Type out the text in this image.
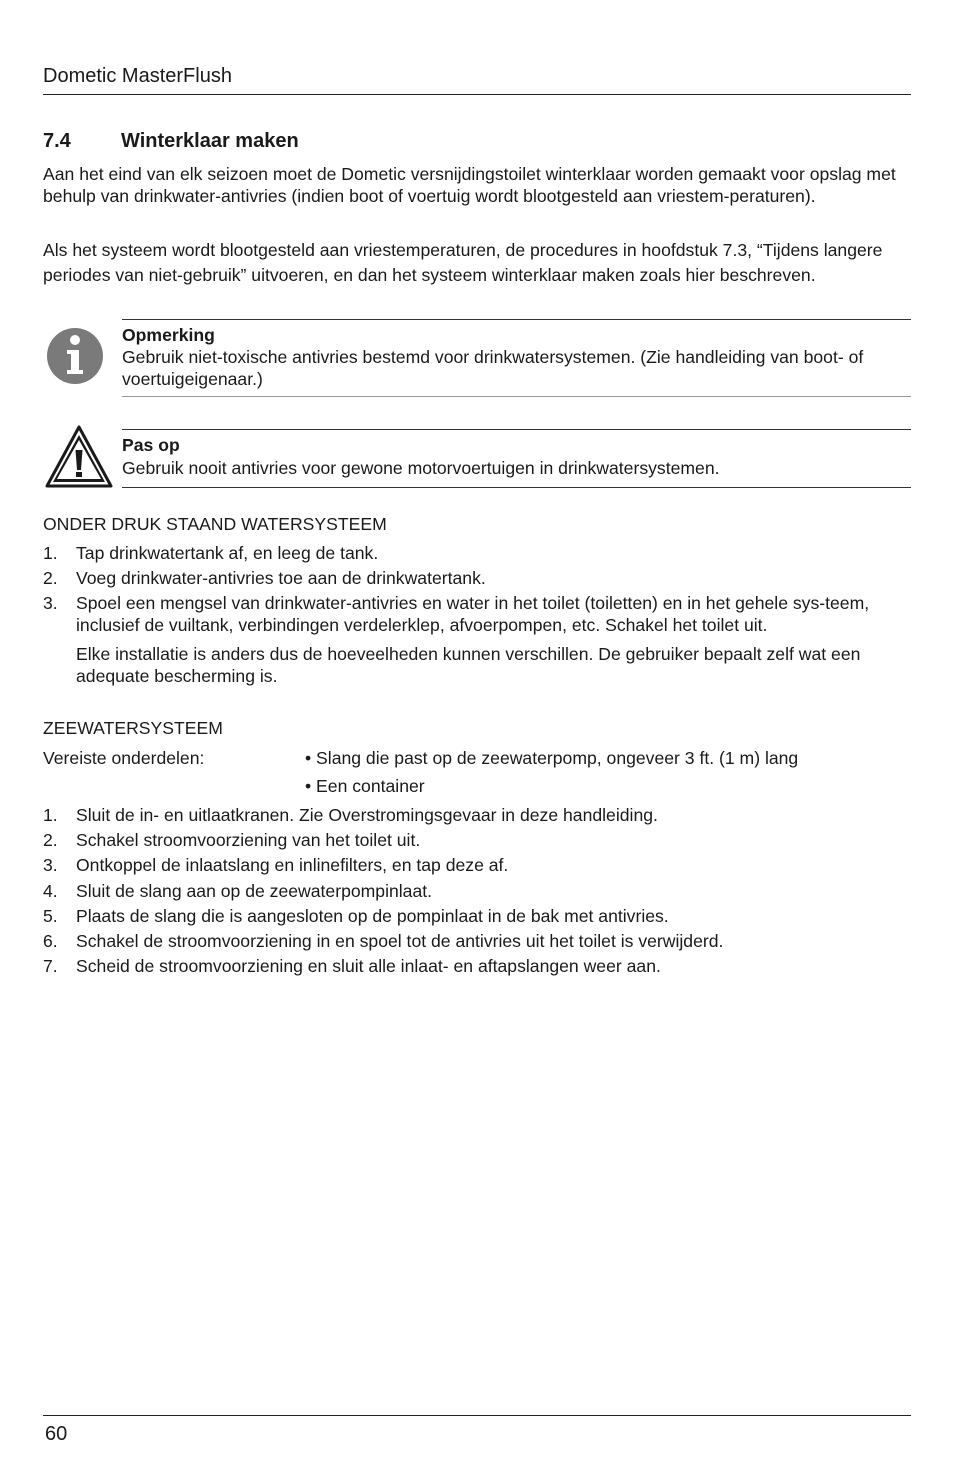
Dometic MasterFlush
7.4	Winterklaar maken
Aan het eind van elk seizoen moet de Dometic versnijdingstoilet winterklaar worden gemaakt voor opslag met behulp van drinkwater-antivries (indien boot of voertuig wordt blootgesteld aan vriestem-peraturen).
Als het systeem wordt blootgesteld aan vriestemperaturen, de procedures in hoofdstuk 7.3, “Tijdens langere periodes van niet-gebruik” uitvoeren, en dan het systeem winterklaar maken zoals hier beschreven.
Opmerking
Gebruik niet-toxische antivries bestemd voor drinkwatersystemen. (Zie handleiding van boot- of voertuigeigenaar.)
Pas op
Gebruik nooit antivries voor gewone motorvoertuigen in drinkwatersystemen.
ONDER DRUK STAAND WATERSYSTEEM
1. Tap drinkwatertank af, en leeg de tank.
2. Voeg drinkwater-antivries toe aan de drinkwatertank.
3. Spoel een mengsel van drinkwater-antivries en water in het toilet (toiletten) en in het gehele sys-teem, inclusief de vuiltank, verbindingen verdelerklep, afvoerpompen, etc. Schakel het toilet uit.
Elke installatie is anders dus de hoeveelheden kunnen verschillen. De gebruiker bepaalt zelf wat een adequate bescherming is.
ZEEWATERSYSTEEM
Vereiste onderdelen:	• Slang die past op de zeewaterpomp, ongeveer 3 ft. (1 m) lang
• Een container
1. Sluit de in- en uitlaatkranen. Zie Overstromingsgevaar in deze handleiding.
2. Schakel stroomvoorziening van het toilet uit.
3. Ontkoppel de inlaatslang en inlinefilters, en tap deze af.
4. Sluit de slang aan op de zeewaterpompinlaat.
5. Plaats de slang die is aangesloten op de pompinlaat in de bak met antivries.
6. Schakel de stroomvoorziening in en spoel tot de antivries uit het toilet is verwijderd.
7. Scheid de stroomvoorziening en sluit alle inlaat- en aftapslangen weer aan.
60
